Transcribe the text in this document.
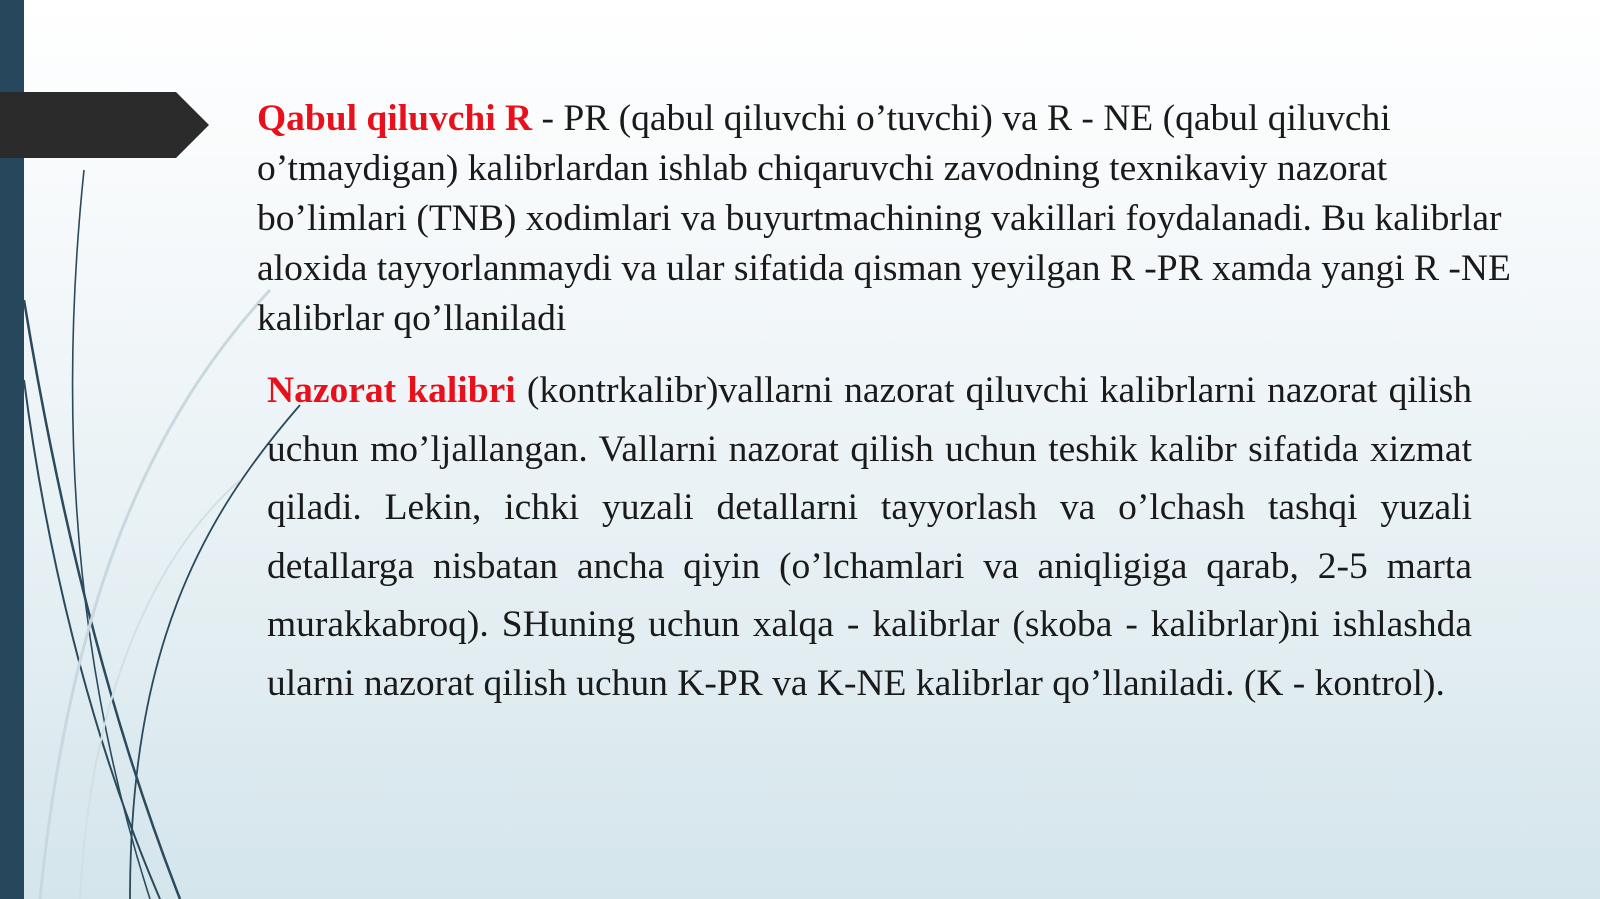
Qabul qiluvchi R - PR (qabul qiluvchi o’tuvchi) va R - NE (qabul qiluvchi o’tmaydigan) kalibrlardan ishlab chiqaruvchi zavodning texnikaviy nazorat bo’limlari (TNB) xodimlari va buyurtmachining vakillari foydalanadi. Bu kalibrlar aloxida tayyorlanmaydi va ular sifatida qisman yeyilgan R -PR xamda yangi R -NE kalibrlar qo’llaniladi

Nazorat kalibri (kontrkalibr)vallarni nazorat qiluvchi kalibrlarni nazorat qilish uchun mo’ljallangan. Vallarni nazorat qilish uchun teshik kalibr sifatida xizmat qiladi. Lekin, ichki yuzali detallarni tayyorlash va o’lchash tashqi yuzali detallarga nisbatan ancha qiyin (o’lchamlari va aniqligiga qarab, 2-5 marta murakkabroq). SHuning uchun xalqa - kalibrlar (skoba - kalibrlar)ni ishlashda ularni nazorat qilish uchun K-PR va K-NE kalibrlar qo’llaniladi. (K - kontrol).
